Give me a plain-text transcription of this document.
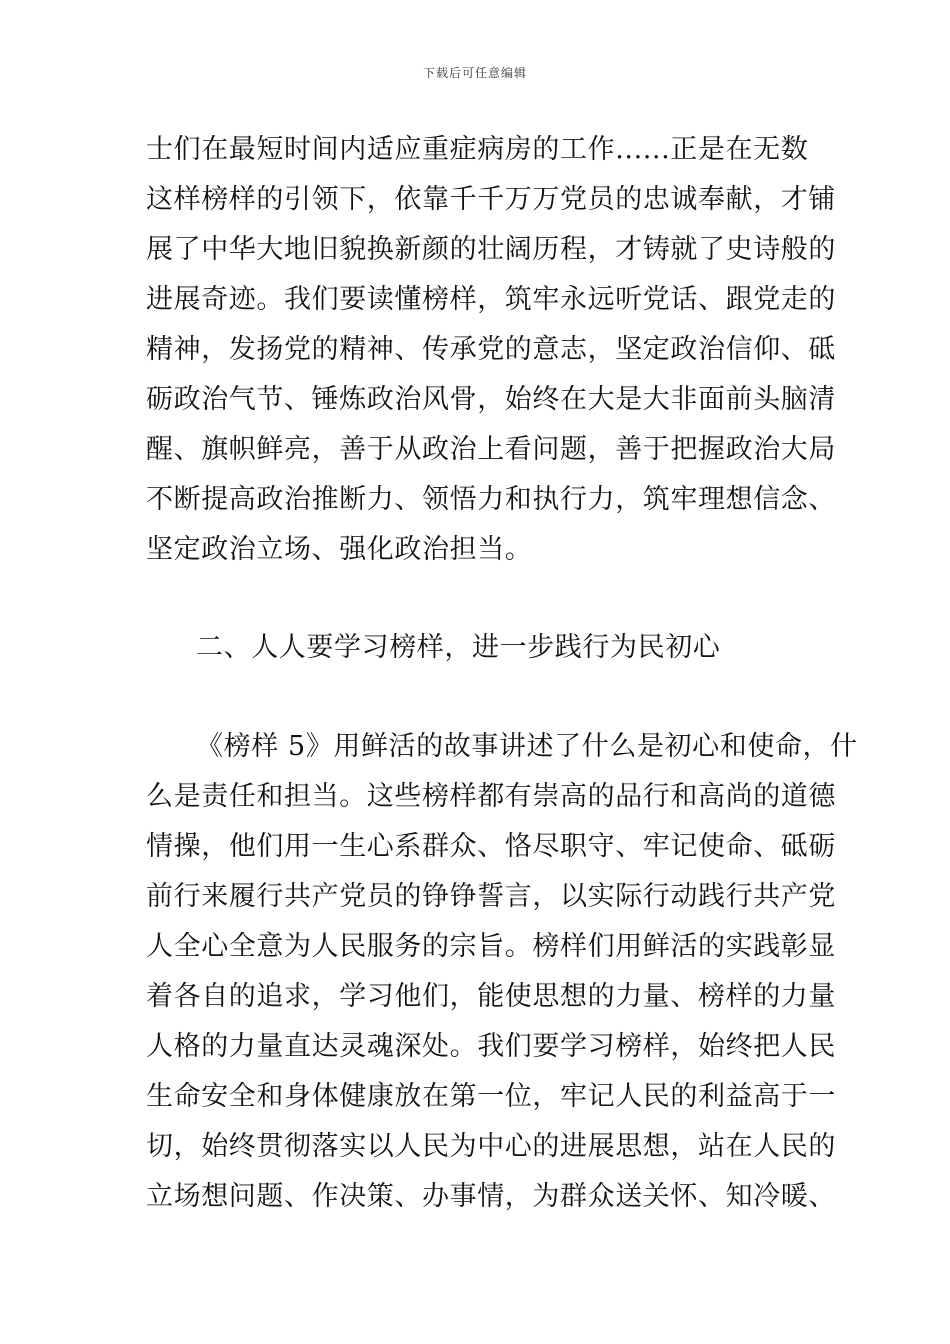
下载后可任意编辑
士们在最短时间内适应重症病房的工作......正是在无数
这样榜样的引领下，依靠千千万万党员的忠诚奉献，才铺
展了中华大地旧貌换新颜的壮阔历程，才铸就了史诗般的
进展奇迹。我们要读懂榜样，筑牢永远听党话、跟党走的
精神，发扬党的精神、传承党的意志，坚定政治信仰、砥
砺政治气节、锤炼政治风骨，始终在大是大非面前头脑清
醒、旗帜鲜亮，善于从政治上看问题，善于把握政治大局
不断提高政治推断力、领悟力和执行力，筑牢理想信念、
坚定政治立场、强化政治担当。
二、人人要学习榜样，进一步践行为民初心
《榜样 5》用鲜活的故事讲述了什么是初心和使命，什
么是责任和担当。这些榜样都有崇高的品行和高尚的道德
情操，他们用一生心系群众、恪尽职守、牢记使命、砥砺
前行来履行共产党员的铮铮誓言，以实际行动践行共产党
人全心全意为人民服务的宗旨。榜样们用鲜活的实践彰显
着各自的追求，学习他们，能使思想的力量、榜样的力量
人格的力量直达灵魂深处。我们要学习榜样，始终把人民
生命安全和身体健康放在第一位，牢记人民的利益高于一
切，始终贯彻落实以人民为中心的进展思想，站在人民的
立场想问题、作决策、办事情，为群众送关怀、知冷暖、
